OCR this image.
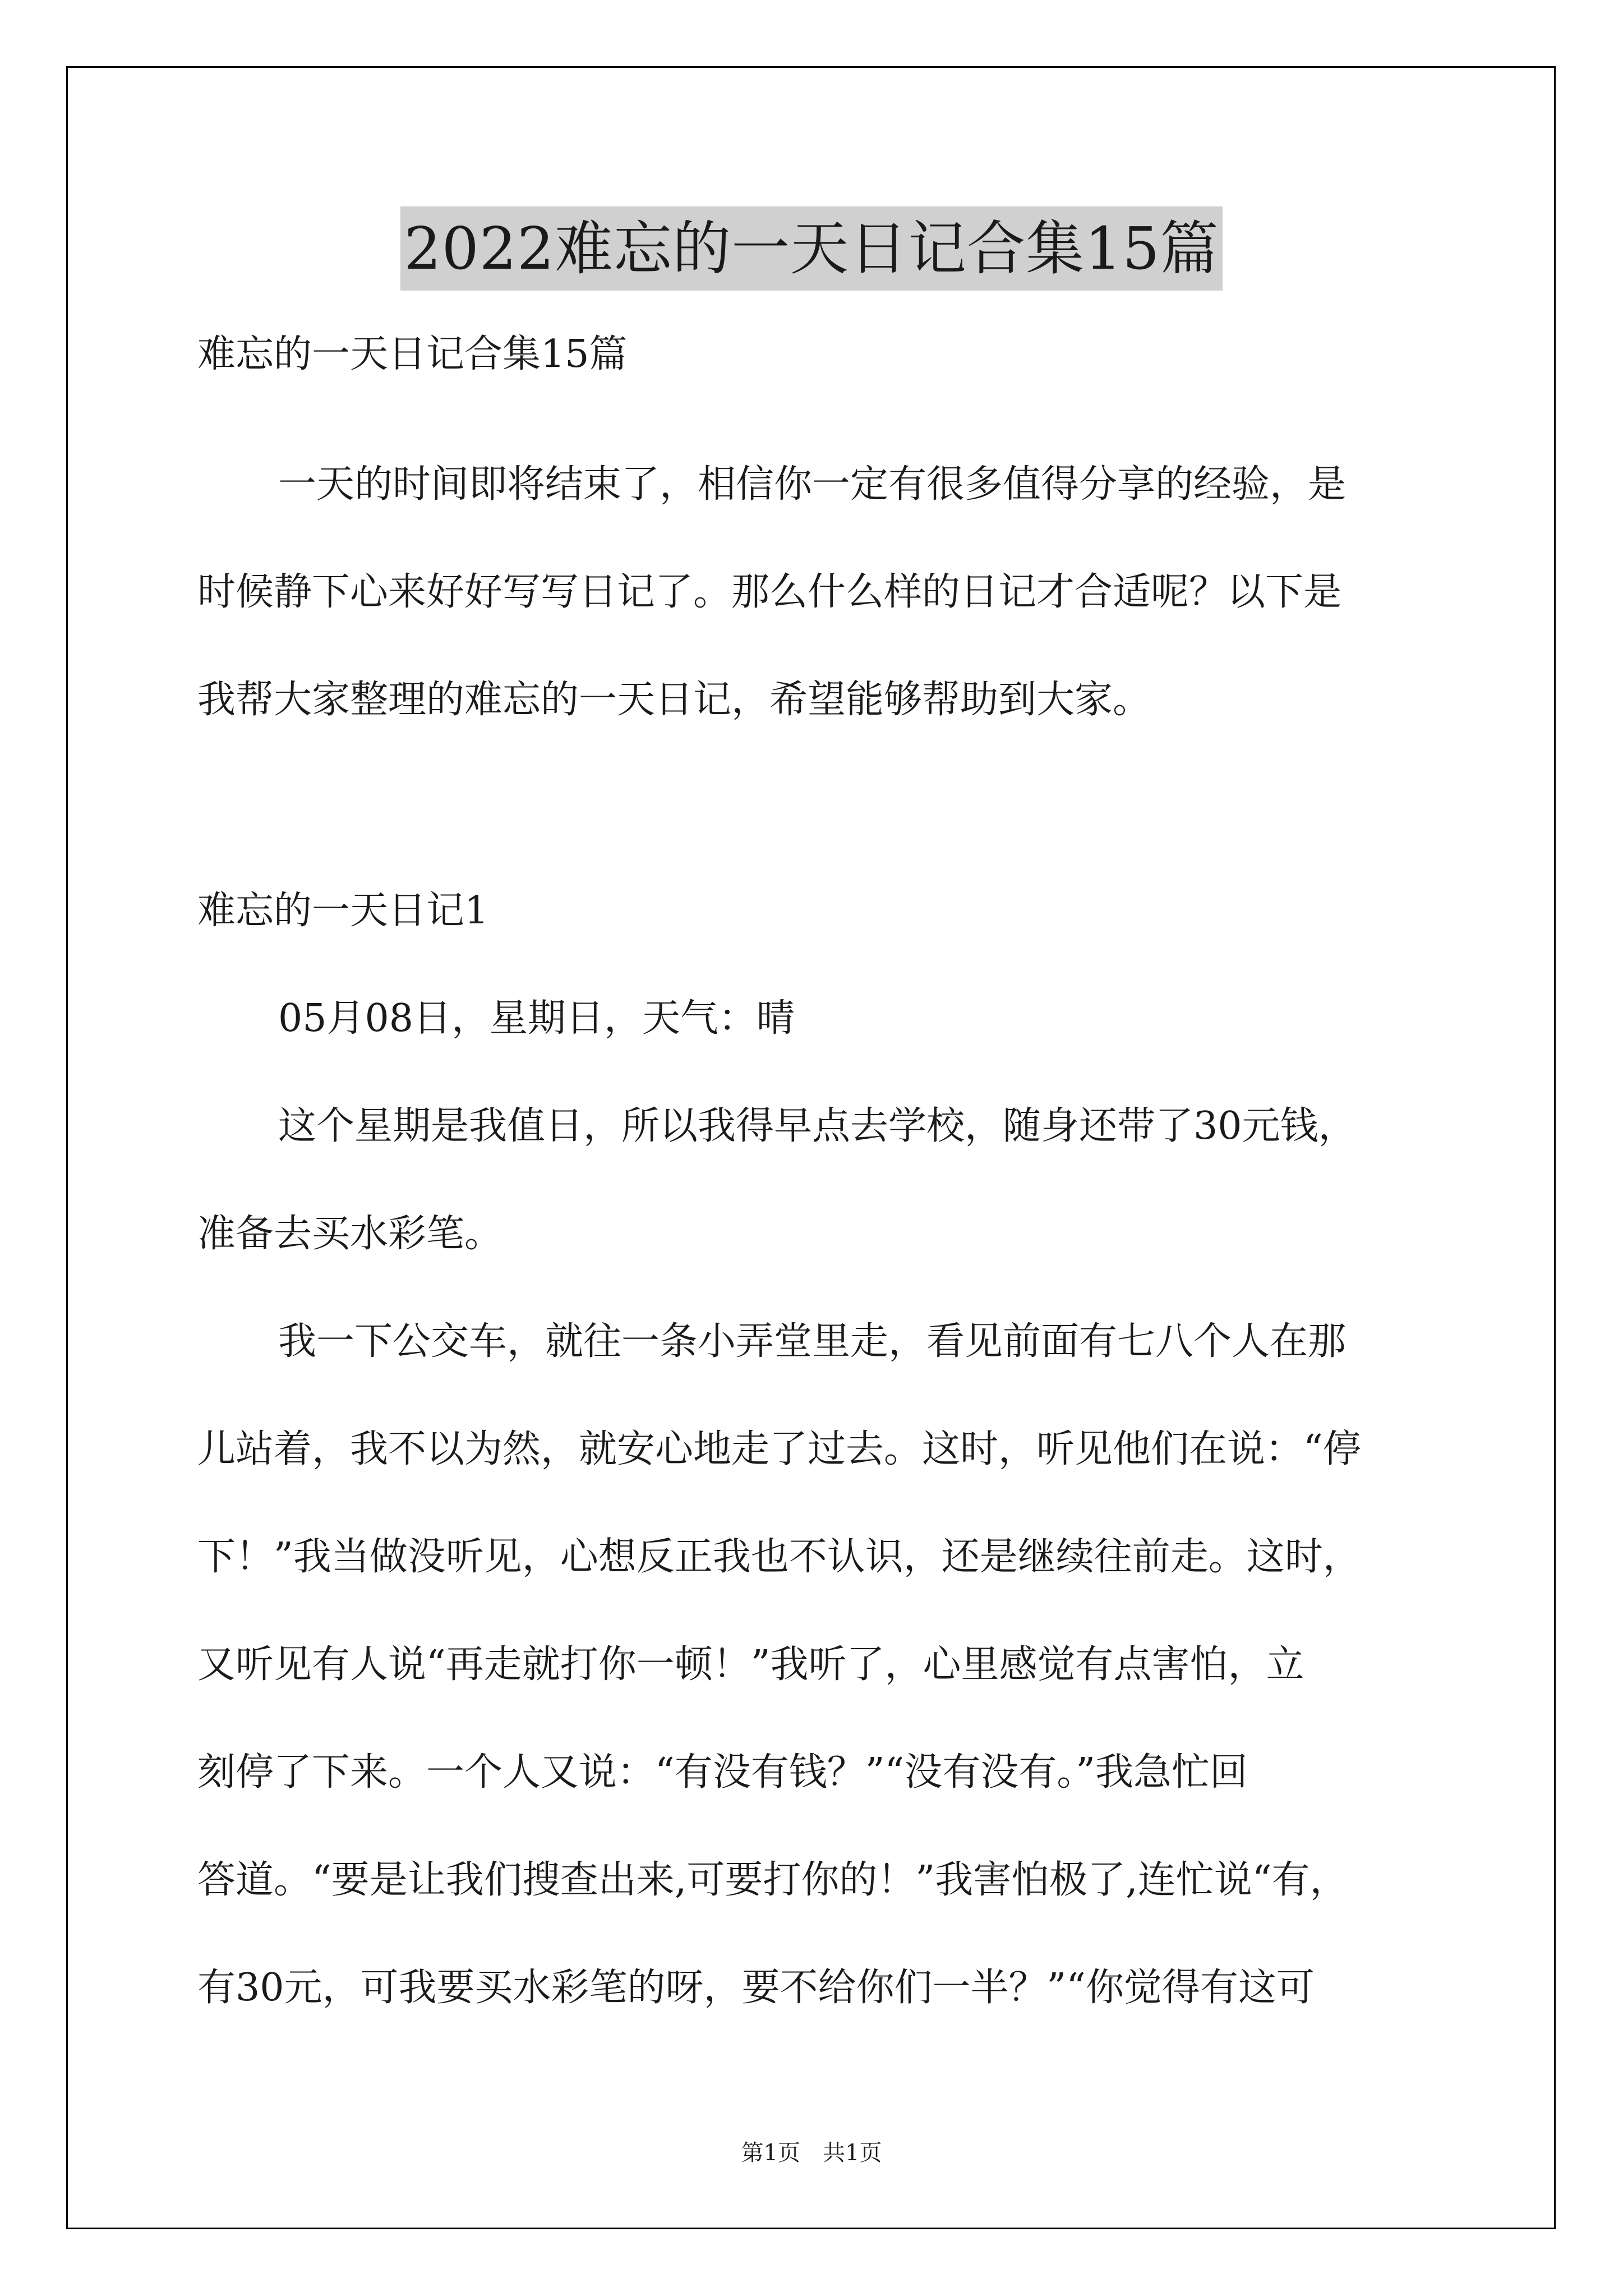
2022难忘的一天日记合集15篇

难忘的一天日记合集15篇

一天的时间即将结束了，相信你一定有很多值得分享的经验，是
时候静下心来好好写写日记了。那么什么样的日记才合适呢？以下是
我帮大家整理的难忘的一天日记，希望能够帮助到大家。

难忘的一天日记1

05月08日，星期日，天气：晴
这个星期是我值日，所以我得早点去学校，随身还带了30元钱，
准备去买水彩笔。
我一下公交车，就往一条小弄堂里走，看见前面有七八个人在那
儿站着，我不以为然，就安心地走了过去。这时，听见他们在说：“停
下！”我当做没听见，心想反正我也不认识，还是继续往前走。这时，
又听见有人说“再走就打你一顿！”我听了，心里感觉有点害怕，立
刻停了下来。一个人又说：“有没有钱？”“没有没有。”我急忙回
答道。“要是让我们搜查出来,可要打你的！”我害怕极了,连忙说“有，
有30元，可我要买水彩笔的呀，要不给你们一半？”“你觉得有这可
第1页　共1页
